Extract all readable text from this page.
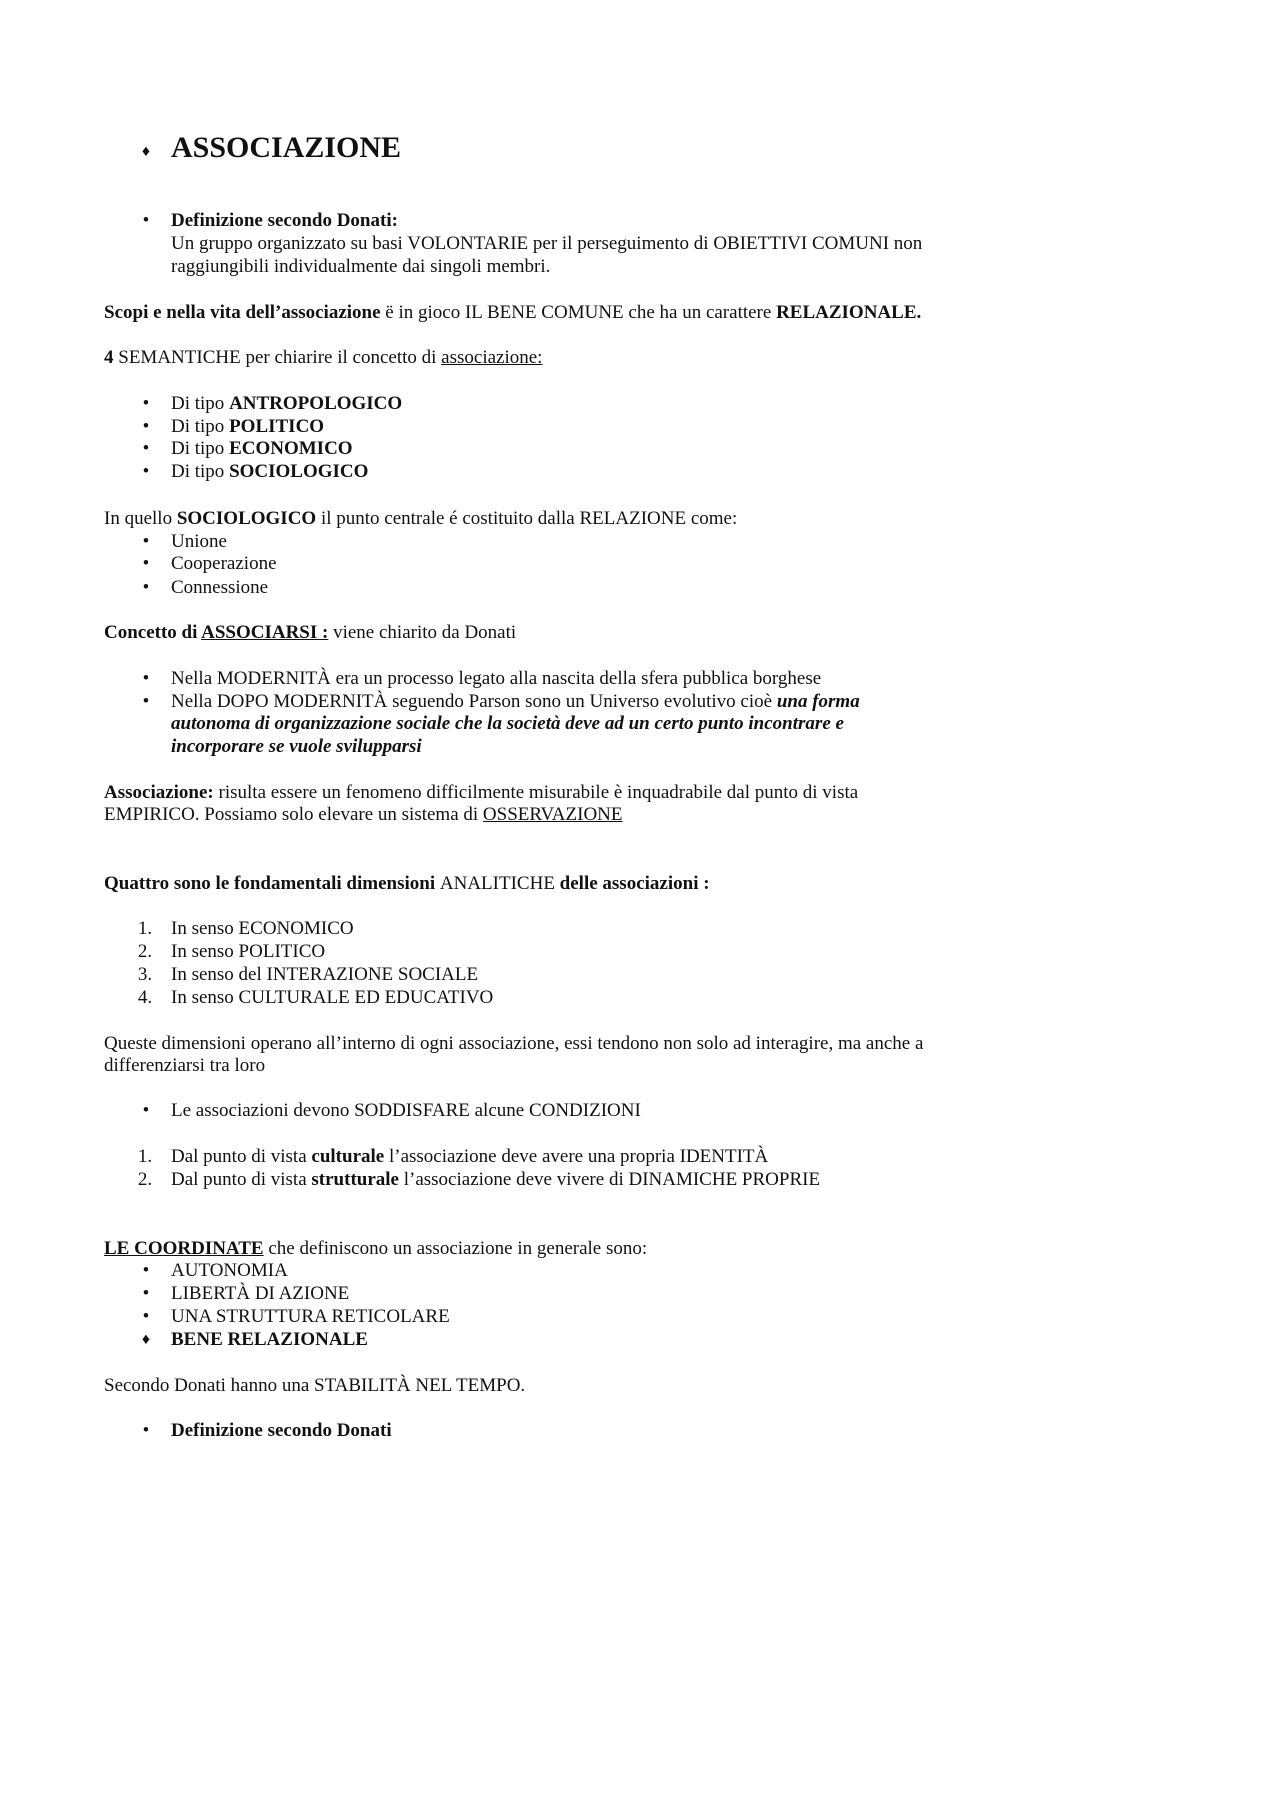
♦ ASSOCIAZIONE
•	Definizione secondo Donati:
Un gruppo organizzato su basi VOLONTARIE per il perseguimento di OBIETTIVI COMUNI non
raggiungibili individualmente dai singoli membri.
Scopi e nella vita dell’associazione ë in gioco IL BENE COMUNE che ha un carattere RELAZIONALE.
4 SEMANTICHE per chiarire il concetto di associazione:
•	Di tipo ANTROPOLOGICO
•	Di tipo POLITICO
•	Di tipo ECONOMICO
•	Di tipo SOCIOLOGICO
In quello SOCIOLOGICO il punto centrale é costituito dalla RELAZIONE come:
•	Unione
•	Cooperazione
•	Connessione
Concetto di ASSOCIARSI : viene chiarito da Donati
•	Nella MODERNITÀ era un processo legato alla nascita della sfera pubblica borghese
•	Nella DOPO MODERNITÀ seguendo Parson sono un Universo evolutivo cioè una forma
autonoma di organizzazione sociale che la società deve ad un certo punto incontrare e
incorporare se vuole svilupparsi
Associazione: risulta essere un fenomeno difficilmente misurabile è inquadrabile dal punto di vista
EMPIRICO. Possiamo solo elevare un sistema di OSSERVAZIONE
Quattro sono le fondamentali dimensioni ANALITICHE delle associazioni :
1. In senso ECONOMICO
2. In senso POLITICO
3. In senso del INTERAZIONE SOCIALE
4. In senso CULTURALE ED EDUCATIVO
Queste dimensioni operano all’interno di ogni associazione, essi tendono non solo ad interagire, ma anche a
differenziarsi tra loro
•	Le associazioni devono SODDISFARE alcune CONDIZIONI
1. Dal punto di vista culturale l’associazione deve avere una propria IDENTITÀ
2. Dal punto di vista strutturale l’associazione deve vivere di DINAMICHE PROPRIE
LE COORDINATE che definiscono un associazione in generale sono:
•	AUTONOMIA
•	LIBERTÀ DI AZIONE
•	UNA STRUTTURA RETICOLARE
♦	BENE RELAZIONALE
Secondo Donati hanno una STABILITÀ NEL TEMPO.
•	Definizione secondo Donati
